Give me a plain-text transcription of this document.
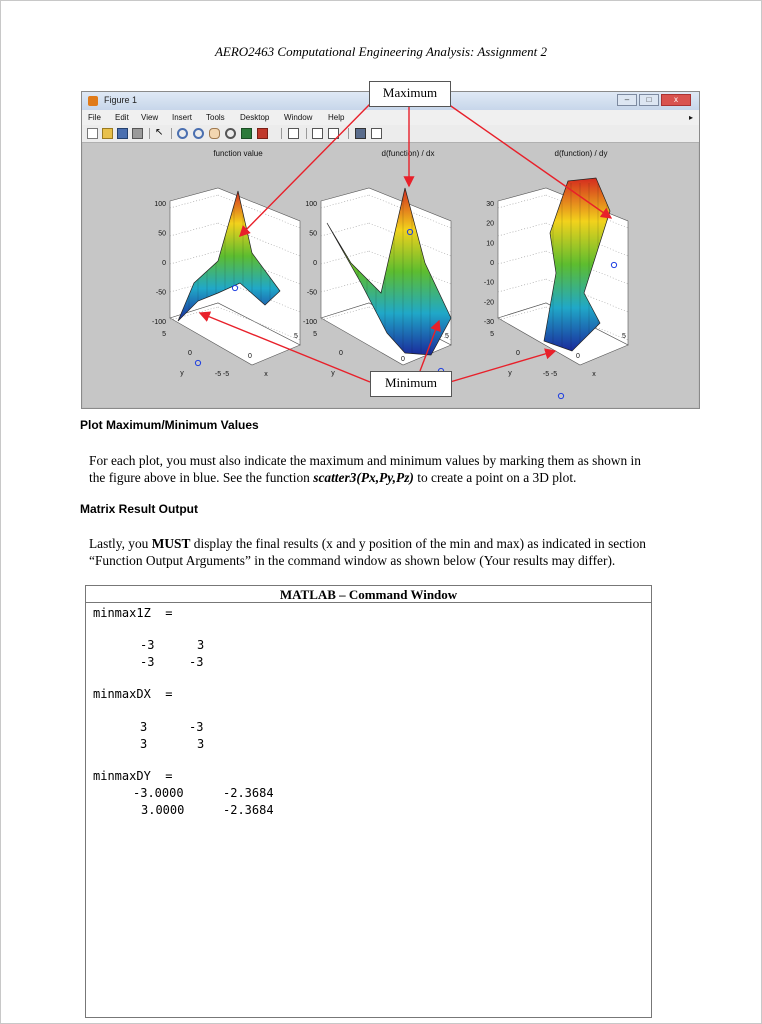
AERO2463 Computational Engineering Analysis: Assignment 2
Figure 1	–	□	x
File Edit View Insert Tools Desktop Window Help	▸
↖
function value
100
50
0
-50
-100
5
0
y	-5 -5
0
5
x
d(function) / dx
100
50
0
-50
-100
5
0
y
0
5
d(function) / dy
30
20
10
0
-10
-20
-30
5
0
y	-5 -5
0
5
x
Maximum
Minimum
Plot Maximum/Minimum Values
For each plot, you must also indicate the maximum and minimum values by marking them as shown in
the figure above in blue. See the function scatter3(Px,Py,Pz) to create a point on a 3D plot.
Matrix Result Output
Lastly, you MUST display the final results (x and y position of the min and max) as indicated in section
“Function Output Arguments” in the command window as shown below (Your results may differ).
MATLAB – Command Window
minmax1Z  =
-3	3
-3	-3
minmaxDX  =
3	-3
3	3
minmaxDY  =
-3.0000	-2.3684
3.0000	-2.3684
